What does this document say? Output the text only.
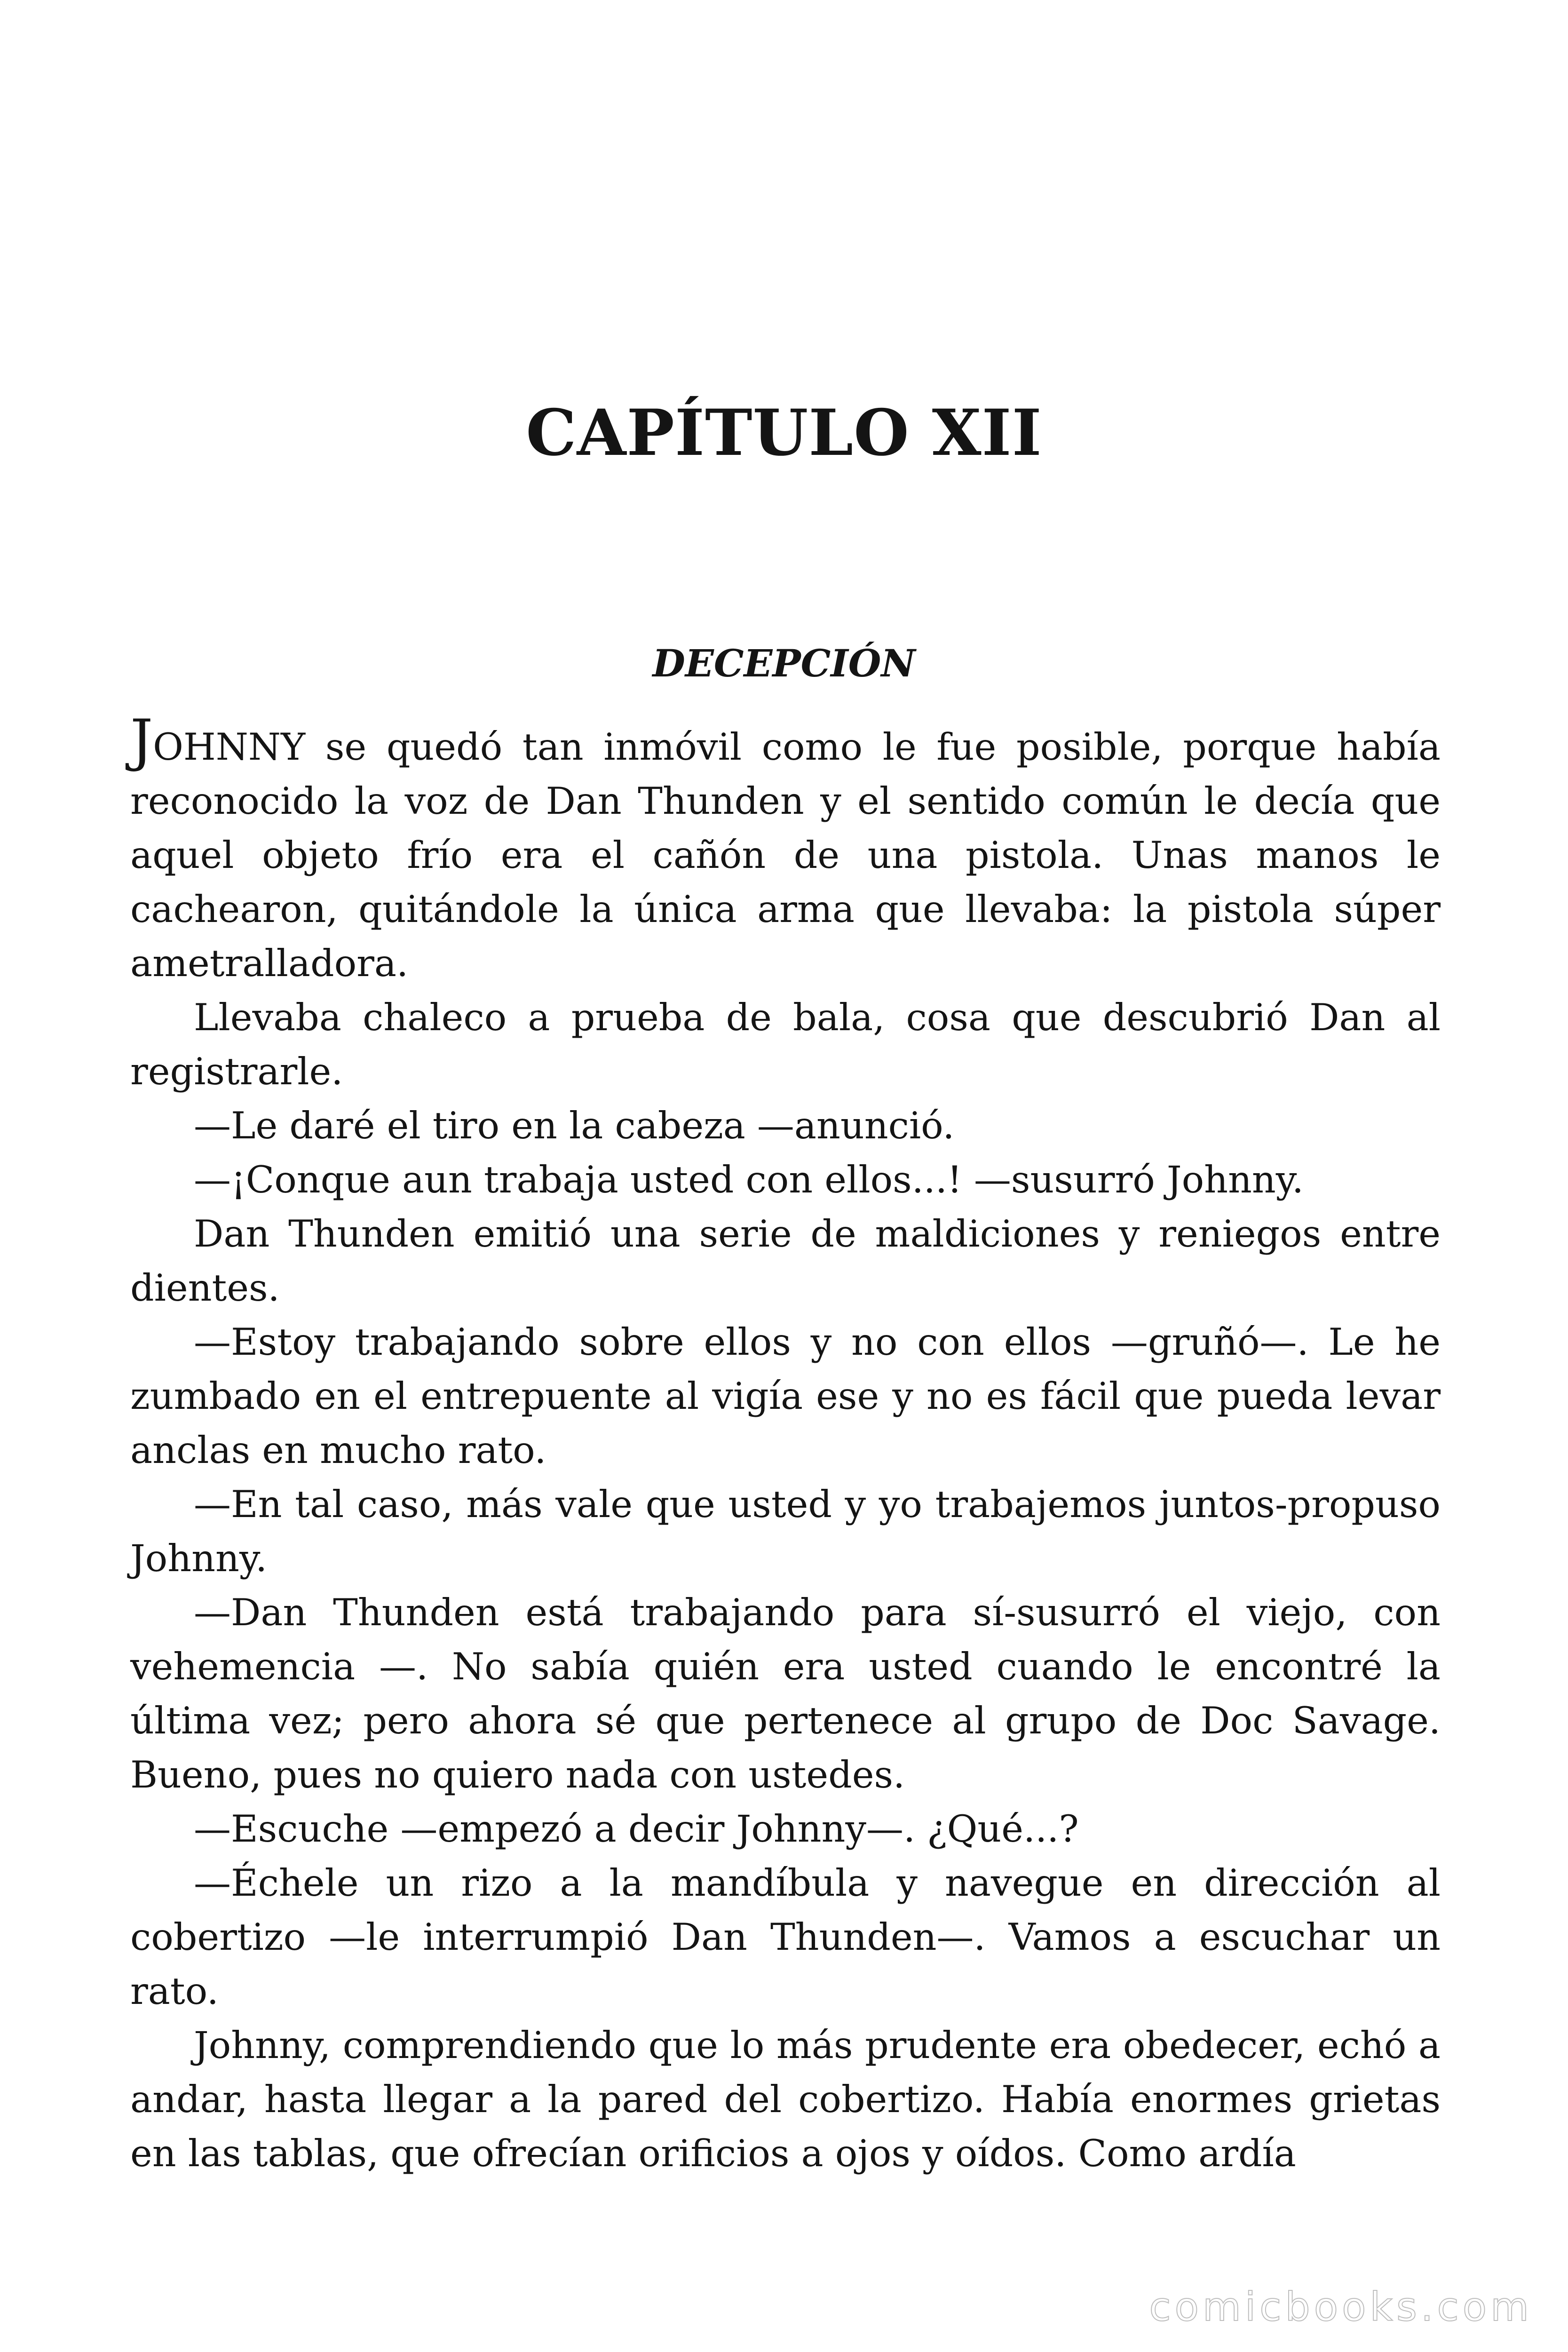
CAPÍTULO XII
DECEPCIÓN

JOHNNY se quedó tan inmóvil como le fue posible, porque había reconocido la voz de Dan Thunden y el sentido común le decía que aquel objeto frío era el cañón de una pistola. Unas manos le cachearon, quitándole la única arma que llevaba: la pistola súper ametralladora.

Llevaba chaleco a prueba de bala, cosa que descubrió Dan al registrarle.

—Le daré el tiro en la cabeza —anunció.

—¡Conque aun trabaja usted con ellos...! —susurró Johnny.

Dan Thunden emitió una serie de maldiciones y reniegos entre dientes.

—Estoy trabajando sobre ellos y no con ellos —gruñó—. Le he zumbado en el entrepuente al vigía ese y no es fácil que pueda levar anclas en mucho rato.

—En tal caso, más vale que usted y yo trabajemos juntos-propuso Johnny.

—Dan Thunden está trabajando para sí-susurró el viejo, con vehemencia —. No sabía quién era usted cuando le encontré la última vez; pero ahora sé que pertenece al grupo de Doc Savage. Bueno, pues no quiero nada con ustedes.

—Escuche —empezó a decir Johnny—. ¿Qué...?

—Échele un rizo a la mandíbula y navegue en dirección al cobertizo —le interrumpió Dan Thunden—. Vamos a escuchar un rato.

Johnny, comprendiendo que lo más prudente era obedecer, echó a andar, hasta llegar a la pared del cobertizo. Había enormes grietas en las tablas, que ofrecían orificios a ojos y oídos. Como ardía

comicbooks.com
